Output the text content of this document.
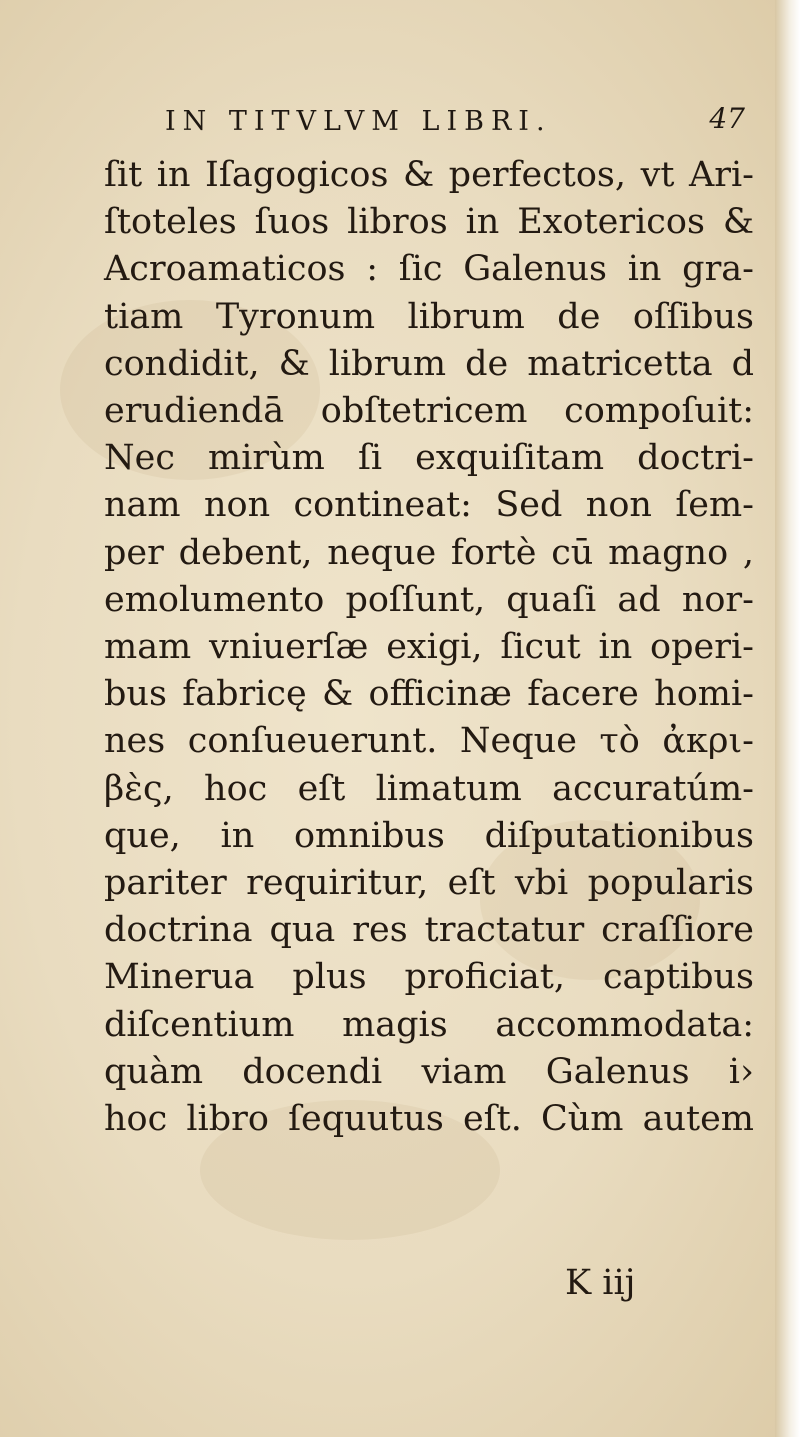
IN TITVLVM LIBRI.	47
ſit in Iſagogicos & perfectos, vt Ari-
ſtoteles ſuos libros in Exotericos &
Acroamaticos : ſic Galenus in gra-
tiam Tyronum librum de oſſibus
condidit, & librum de matricetta d
erudiendā obſtetricem compoſuit:
Nec mirùm ſi exquiſitam doctri-
nam non contineat: Sed non ſem-
per debent, neque fortè cū magno ,
emolumento poſſunt, quaſi ad nor-
mam vniuerſæ exigi, ſicut in operi-
bus fabricę & officinæ facere homi-
nes conſueuerunt. Neque τὸ ἀκρι-
βὲς, hoc eſt limatum accuratúm-
que, in omnibus diſputationibus
pariter requiritur, eſt vbi popularis
doctrina qua res tractatur craſſiore
Minerua plus proficiat, captibus
diſcentium magis accommodata:
quàm docendi viam Galenus i›
hoc libro ſequutus eſt. Cùm autem
K iij
